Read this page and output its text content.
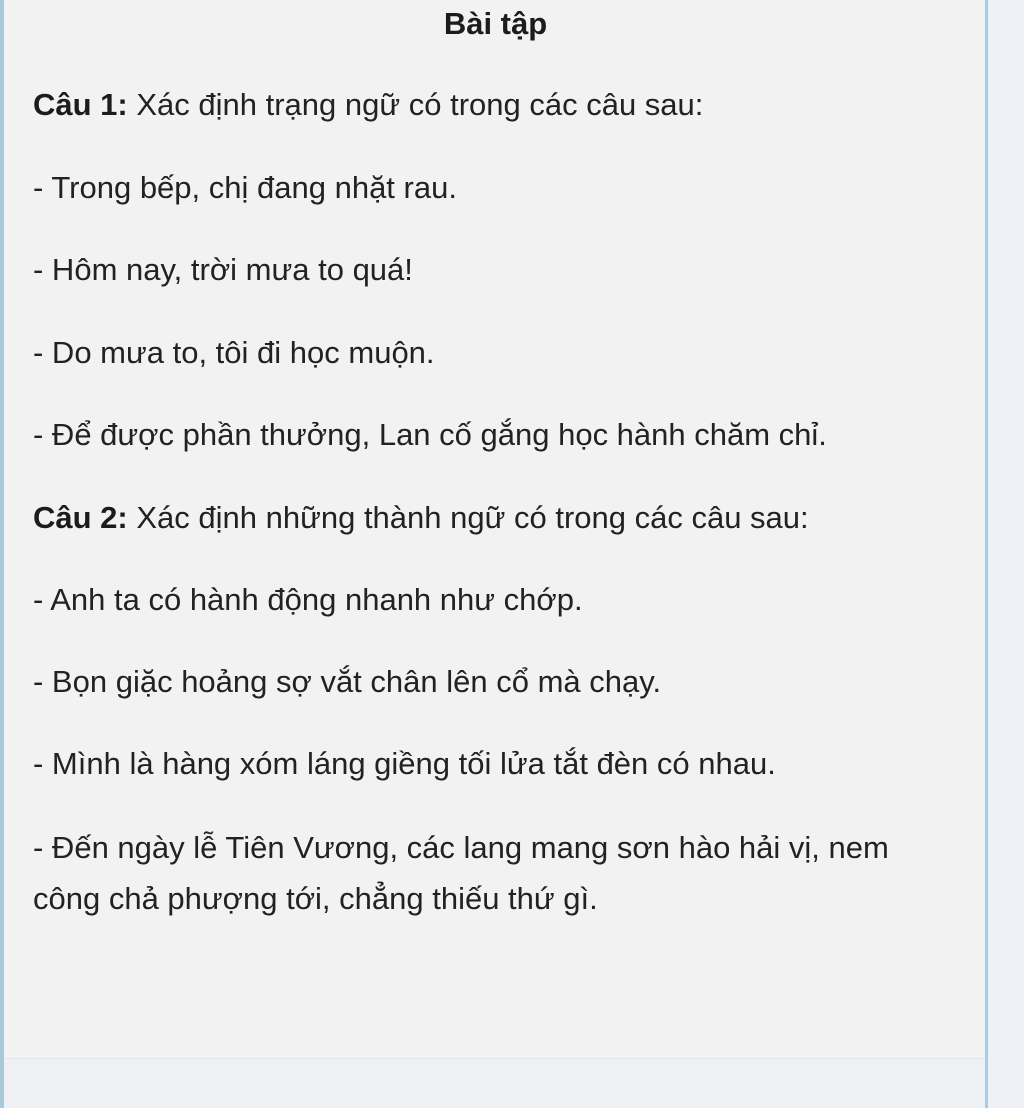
Bài tập
Câu 1: Xác định trạng ngữ có trong các câu sau:
- Trong bếp, chị đang nhặt rau.
- Hôm nay, trời mưa to quá!
- Do mưa to, tôi đi học muộn.
- Để được phần thưởng, Lan cố gắng học hành chăm chỉ.
Câu 2: Xác định những thành ngữ có trong các câu sau:
- Anh ta có hành động nhanh như chớp.
- Bọn giặc hoảng sợ vắt chân lên cổ mà chạy.
- Mình là hàng xóm láng giềng tối lửa tắt đèn có nhau.
- Đến ngày lễ Tiên Vương, các lang mang sơn hào hải vị, nem công chả phượng tới, chẳng thiếu thứ gì.
